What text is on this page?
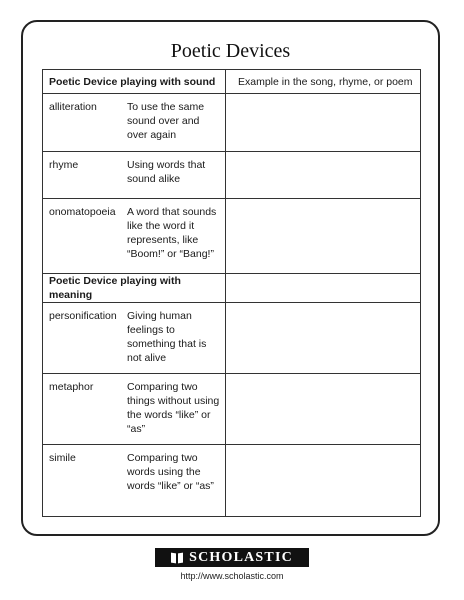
Poetic Devices
Poetic Device playing with sound	Example in the song, rhyme, or poem

alliteration To use the same sound over and over again	

rhyme Using words that sound alike	

onomatopoeia A word that sounds like the word it represents, like “Boom!” or “Bang!”	

Poetic Device playing with meaning	

personification Giving human feelings to something that is not alive	

metaphor Comparing two things without using the words “like” or “as”	

simile Comparing two words using the words “like” or “as”	

SCHOLASTIC
http://www.scholastic.com
